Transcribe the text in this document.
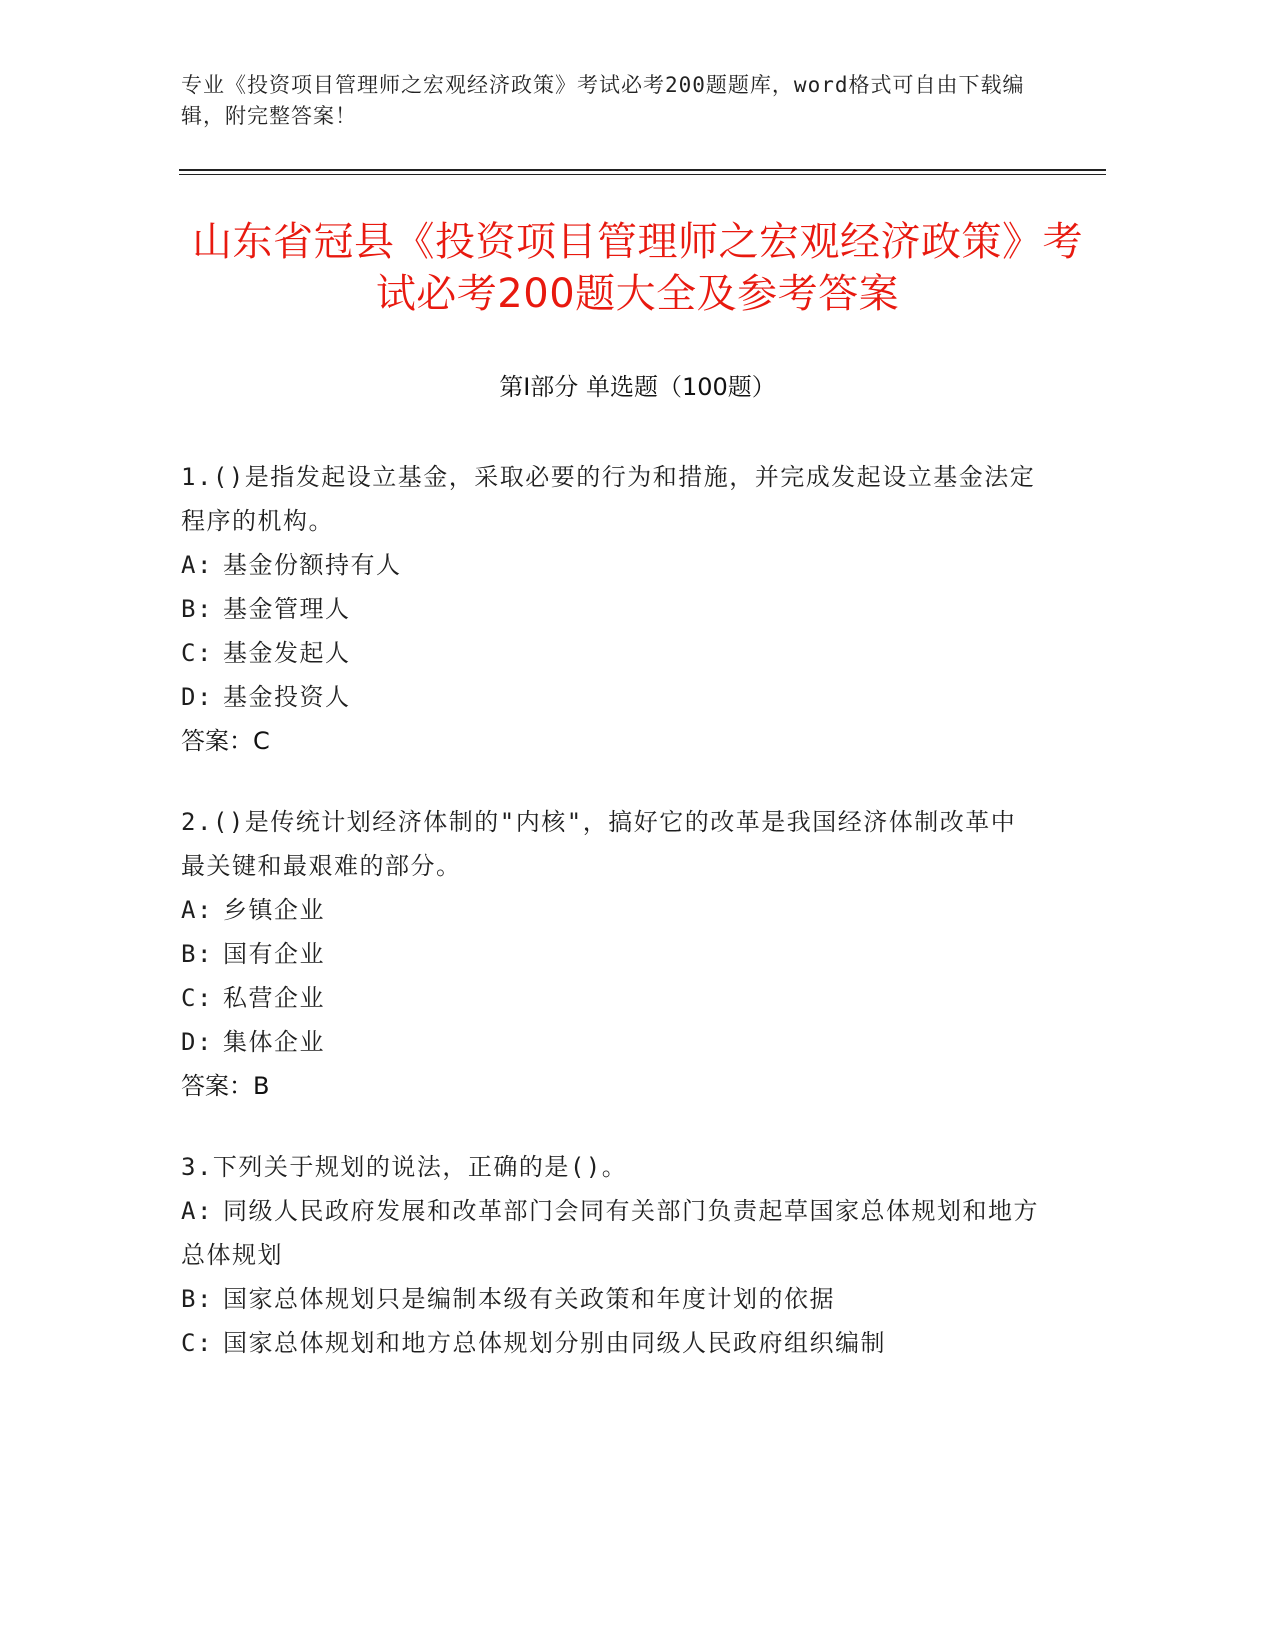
专业《投资项目管理师之宏观经济政策》考试必考200题题库，word格式可自由下载编辑，附完整答案！
山东省冠县《投资项目管理师之宏观经济政策》考试必考200题大全及参考答案
第I部分 单选题（100题）
1.()是指发起设立基金，采取必要的行为和措施，并完成发起设立基金法定程序的机构。
A: 基金份额持有人
B: 基金管理人
C: 基金发起人
D: 基金投资人
答案：C
2.()是传统计划经济体制的"内核"，搞好它的改革是我国经济体制改革中最关键和最艰难的部分。
A: 乡镇企业
B: 国有企业
C: 私营企业
D: 集体企业
答案：B
3.下列关于规划的说法，正确的是()。
A: 同级人民政府发展和改革部门会同有关部门负责起草国家总体规划和地方总体规划
B: 国家总体规划只是编制本级有关政策和年度计划的依据
C: 国家总体规划和地方总体规划分别由同级人民政府组织编制
